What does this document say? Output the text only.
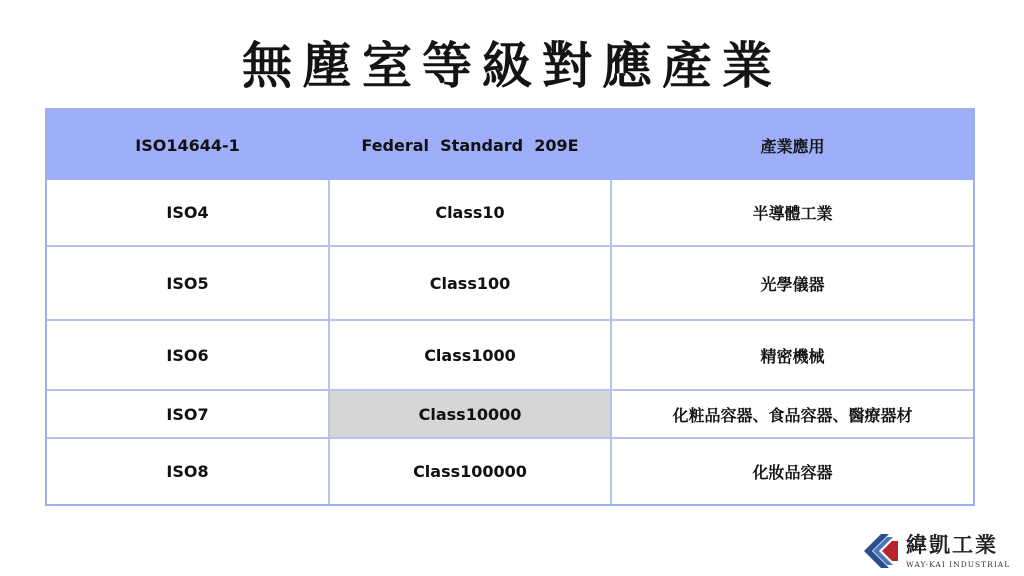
無塵室等級對應產業
ISO14644-1	Federal  Standard  209E	產業應用
ISO4	Class10	半導體工業
ISO5	Class100	光學儀器
ISO6	Class1000	精密機械
ISO7	Class10000	化粧品容器、食品容器、醫療器材
ISO8	Class100000	化妝品容器
緯凱工業
WAY-KAI INDUSTRIAL
